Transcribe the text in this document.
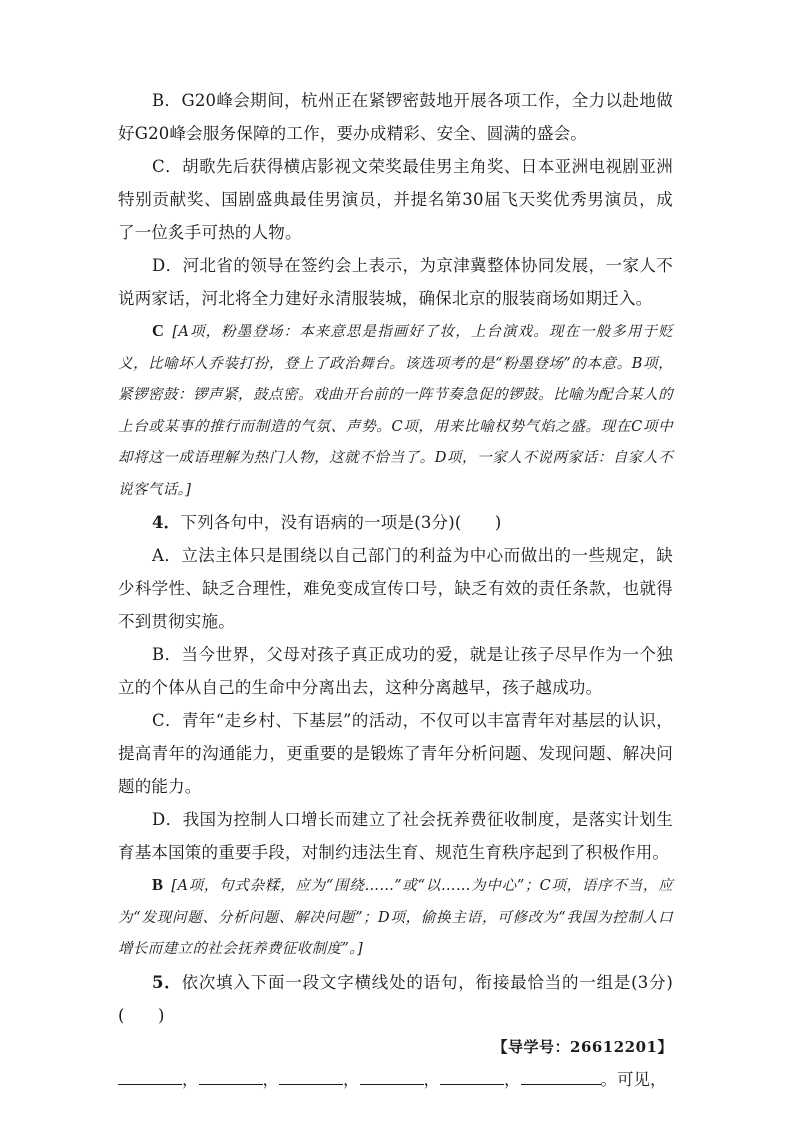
B．G20峰会期间，杭州正在紧锣密鼓地开展各项工作，全力以赴地做好G20峰会服务保障的工作，要办成精彩、安全、圆满的盛会。

C．胡歌先后获得横店影视文荣奖最佳男主角奖、日本亚洲电视剧亚洲特别贡献奖、国剧盛典最佳男演员，并提名第30届飞天奖优秀男演员，成了一位炙手可热的人物。

D．河北省的领导在签约会上表示，为京津冀整体协同发展，一家人不说两家话，河北将全力建好永清服装城，确保北京的服装商场如期迁入。

C [A项，粉墨登场：本来意思是指画好了妆，上台演戏。现在一般多用于贬义，比喻坏人乔装打扮，登上了政治舞台。该选项考的是“粉墨登场”的本意。B项，紧锣密鼓：锣声紧，鼓点密。戏曲开台前的一阵节奏急促的锣鼓。比喻为配合某人的上台或某事的推行而制造的气氛、声势。C项，用来比喻权势气焰之盛。现在C项中却将这一成语理解为热门人物，这就不恰当了。D项，一家人不说两家话：自家人不说客气话。]

4．下列各句中，没有语病的一项是(3分)(　　)

A．立法主体只是围绕以自己部门的利益为中心而做出的一些规定，缺少科学性、缺乏合理性，难免变成宣传口号，缺乏有效的责任条款，也就得不到贯彻实施。

B．当今世界，父母对孩子真正成功的爱，就是让孩子尽早作为一个独立的个体从自己的生命中分离出去，这种分离越早，孩子越成功。

C．青年“走乡村、下基层”的活动，不仅可以丰富青年对基层的认识，提高青年的沟通能力，更重要的是锻炼了青年分析问题、发现问题、解决问题的能力。

D．我国为控制人口增长而建立了社会抚养费征收制度，是落实计划生育基本国策的重要手段，对制约违法生育、规范生育秩序起到了积极作用。

B [A项，句式杂糅，应为“围绕……”或“以……为中心”；C项，语序不当，应为“发现问题、分析问题、解决问题”；D项，偷换主语，可修改为“我国为控制人口增长而建立的社会抚养费征收制度”。]

5．依次填入下面一段文字横线处的语句，衔接最恰当的一组是(3分)(　　)

【导学号：26612201】

，	，	，	，	，	。可见，
